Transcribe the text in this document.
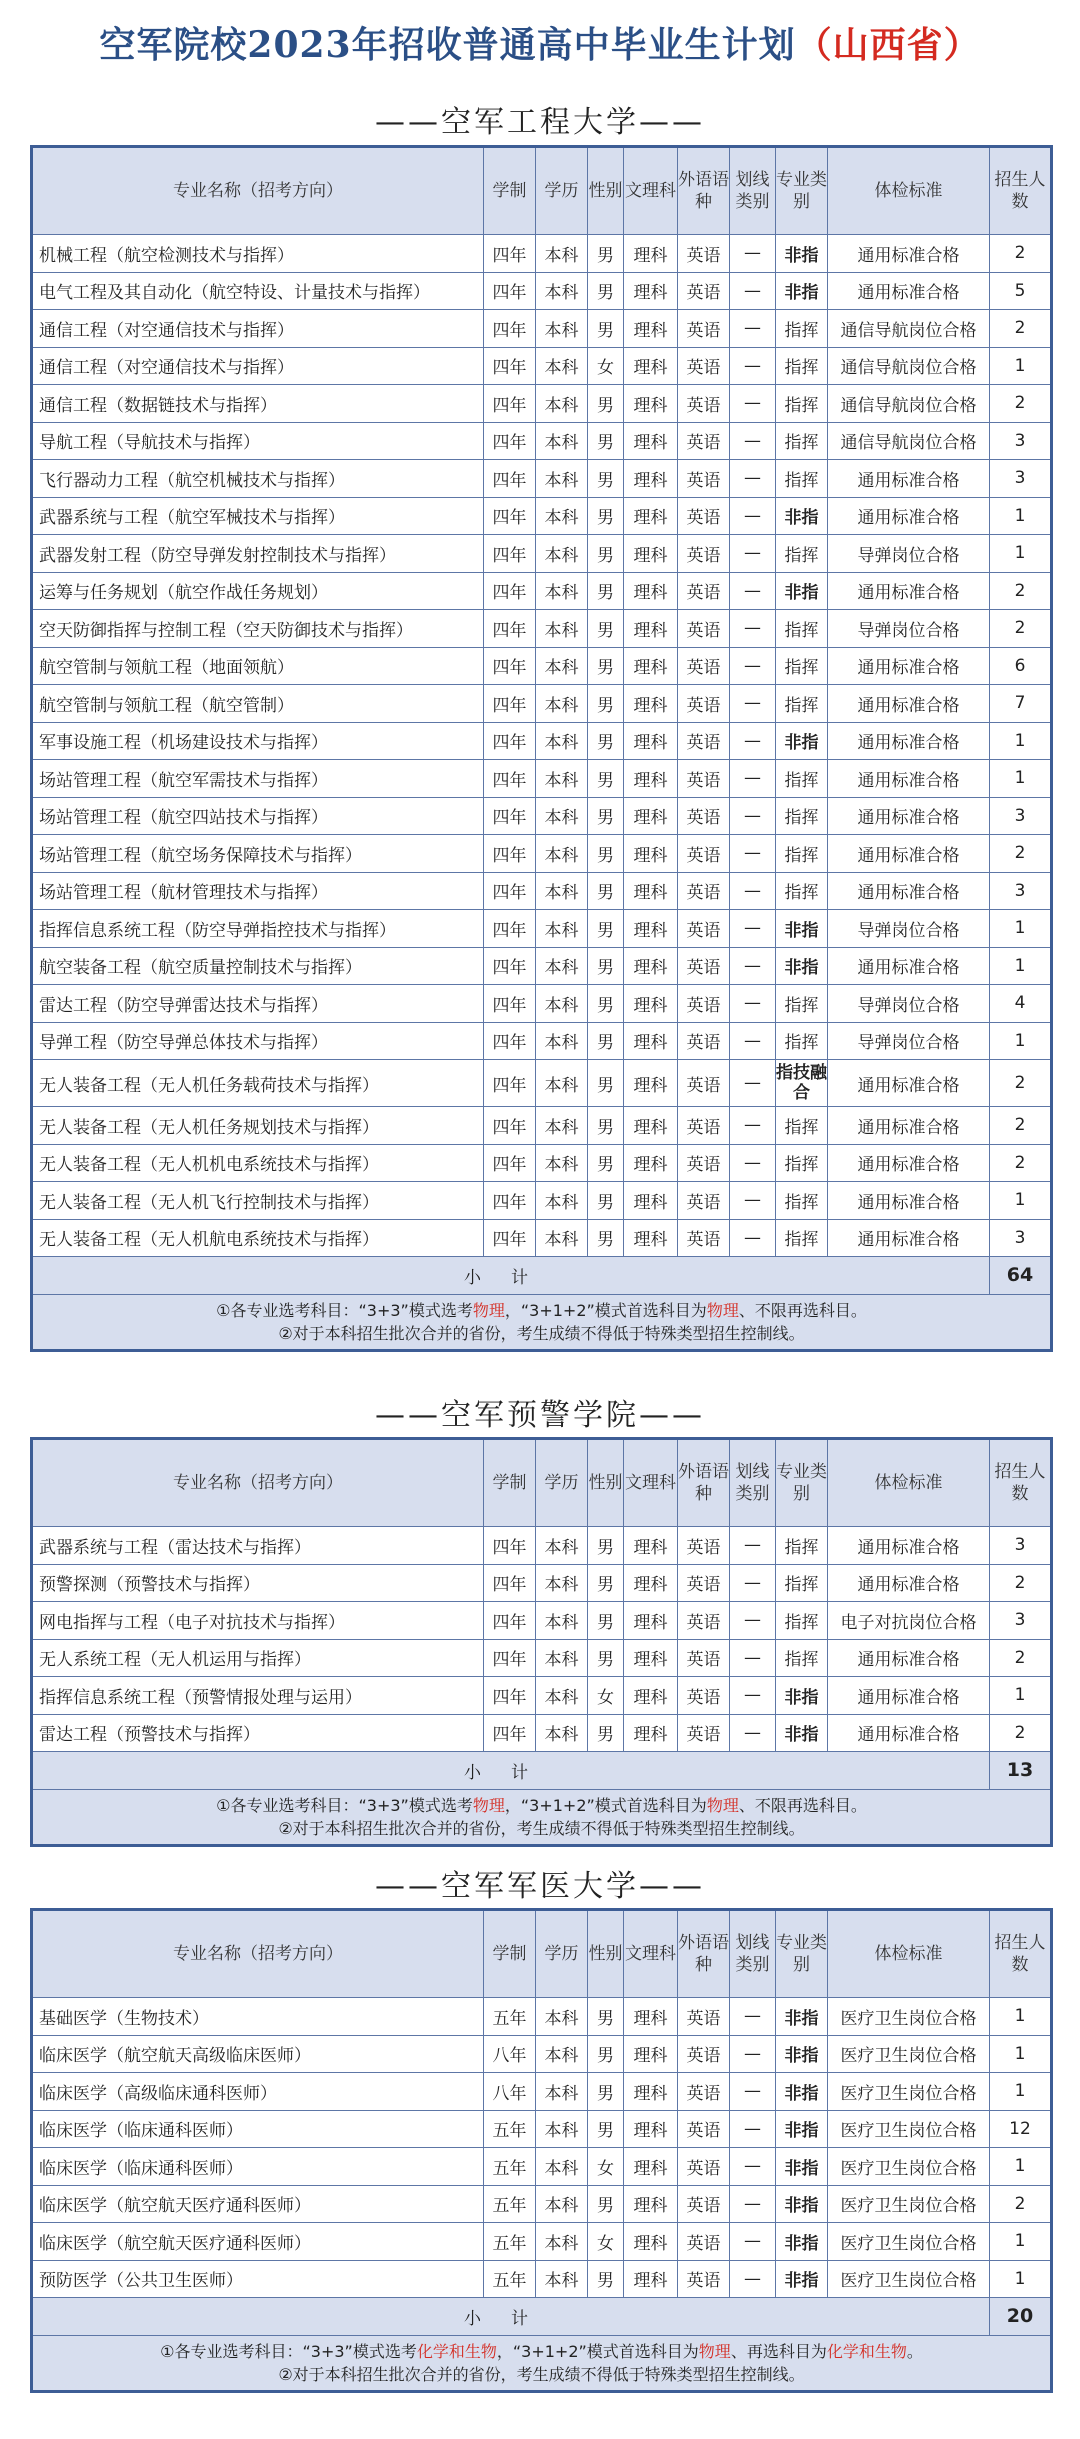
空军院校2023年招收普通高中毕业生计划（山西省）
——空军工程大学——
专业名称（招考方向）	学制	学历	性别	文理科	外语语种	划线类别	专业类别	体检标准	招生人数
机械工程（航空检测技术与指挥）	四年	本科	男	理科	英语	—	非指	通用标准合格	2
电气工程及其自动化（航空特设、计量技术与指挥）	四年	本科	男	理科	英语	—	非指	通用标准合格	5
通信工程（对空通信技术与指挥）	四年	本科	男	理科	英语	—	指挥	通信导航岗位合格	2
通信工程（对空通信技术与指挥）	四年	本科	女	理科	英语	—	指挥	通信导航岗位合格	1
通信工程（数据链技术与指挥）	四年	本科	男	理科	英语	—	指挥	通信导航岗位合格	2
导航工程（导航技术与指挥）	四年	本科	男	理科	英语	—	指挥	通信导航岗位合格	3
飞行器动力工程（航空机械技术与指挥）	四年	本科	男	理科	英语	—	指挥	通用标准合格	3
武器系统与工程（航空军械技术与指挥）	四年	本科	男	理科	英语	—	非指	通用标准合格	1
武器发射工程（防空导弹发射控制技术与指挥）	四年	本科	男	理科	英语	—	指挥	导弹岗位合格	1
运筹与任务规划（航空作战任务规划）	四年	本科	男	理科	英语	—	非指	通用标准合格	2
空天防御指挥与控制工程（空天防御技术与指挥）	四年	本科	男	理科	英语	—	指挥	导弹岗位合格	2
航空管制与领航工程（地面领航）	四年	本科	男	理科	英语	—	指挥	通用标准合格	6
航空管制与领航工程（航空管制）	四年	本科	男	理科	英语	—	指挥	通用标准合格	7
军事设施工程（机场建设技术与指挥）	四年	本科	男	理科	英语	—	非指	通用标准合格	1
场站管理工程（航空军需技术与指挥）	四年	本科	男	理科	英语	—	指挥	通用标准合格	1
场站管理工程（航空四站技术与指挥）	四年	本科	男	理科	英语	—	指挥	通用标准合格	3
场站管理工程（航空场务保障技术与指挥）	四年	本科	男	理科	英语	—	指挥	通用标准合格	2
场站管理工程（航材管理技术与指挥）	四年	本科	男	理科	英语	—	指挥	通用标准合格	3
指挥信息系统工程（防空导弹指控技术与指挥）	四年	本科	男	理科	英语	—	非指	导弹岗位合格	1
航空装备工程（航空质量控制技术与指挥）	四年	本科	男	理科	英语	—	非指	通用标准合格	1
雷达工程（防空导弹雷达技术与指挥）	四年	本科	男	理科	英语	—	指挥	导弹岗位合格	4
导弹工程（防空导弹总体技术与指挥）	四年	本科	男	理科	英语	—	指挥	导弹岗位合格	1
无人装备工程（无人机任务载荷技术与指挥）	四年	本科	男	理科	英语	—	指技融合	通用标准合格	2
无人装备工程（无人机任务规划技术与指挥）	四年	本科	男	理科	英语	—	指挥	通用标准合格	2
无人装备工程（无人机机电系统技术与指挥）	四年	本科	男	理科	英语	—	指挥	通用标准合格	2
无人装备工程（无人机飞行控制技术与指挥）	四年	本科	男	理科	英语	—	指挥	通用标准合格	1
无人装备工程（无人机航电系统技术与指挥）	四年	本科	男	理科	英语	—	指挥	通用标准合格	3
小计									64

①各专业选考科目：“3+3”模式选考物理，“3+1+2”模式首选科目为物理、不限再选科目。
②对于本科招生批次合并的省份，考生成绩不得低于特殊类型招生控制线。									
——空军预警学院——
专业名称（招考方向）	学制	学历	性别	文理科	外语语种	划线类别	专业类别	体检标准	招生人数
武器系统与工程（雷达技术与指挥）	四年	本科	男	理科	英语	—	指挥	通用标准合格	3
预警探测（预警技术与指挥）	四年	本科	男	理科	英语	—	指挥	通用标准合格	2
网电指挥与工程（电子对抗技术与指挥）	四年	本科	男	理科	英语	—	指挥	电子对抗岗位合格	3
无人系统工程（无人机运用与指挥）	四年	本科	男	理科	英语	—	指挥	通用标准合格	2
指挥信息系统工程（预警情报处理与运用）	四年	本科	女	理科	英语	—	非指	通用标准合格	1
雷达工程（预警技术与指挥）	四年	本科	男	理科	英语	—	非指	通用标准合格	2
小计									13

①各专业选考科目：“3+3”模式选考物理，“3+1+2”模式首选科目为物理、不限再选科目。
②对于本科招生批次合并的省份，考生成绩不得低于特殊类型招生控制线。									
——空军军医大学——
专业名称（招考方向）	学制	学历	性别	文理科	外语语种	划线类别	专业类别	体检标准	招生人数
基础医学（生物技术）	五年	本科	男	理科	英语	—	非指	医疗卫生岗位合格	1
临床医学（航空航天高级临床医师）	八年	本科	男	理科	英语	—	非指	医疗卫生岗位合格	1
临床医学（高级临床通科医师）	八年	本科	男	理科	英语	—	非指	医疗卫生岗位合格	1
临床医学（临床通科医师）	五年	本科	男	理科	英语	—	非指	医疗卫生岗位合格	12
临床医学（临床通科医师）	五年	本科	女	理科	英语	—	非指	医疗卫生岗位合格	1
临床医学（航空航天医疗通科医师）	五年	本科	男	理科	英语	—	非指	医疗卫生岗位合格	2
临床医学（航空航天医疗通科医师）	五年	本科	女	理科	英语	—	非指	医疗卫生岗位合格	1
预防医学（公共卫生医师）	五年	本科	男	理科	英语	—	非指	医疗卫生岗位合格	1
小计									20

①各专业选考科目：“3+3”模式选考化学和生物，“3+1+2”模式首选科目为物理、再选科目为化学和生物。
②对于本科招生批次合并的省份，考生成绩不得低于特殊类型招生控制线。									
